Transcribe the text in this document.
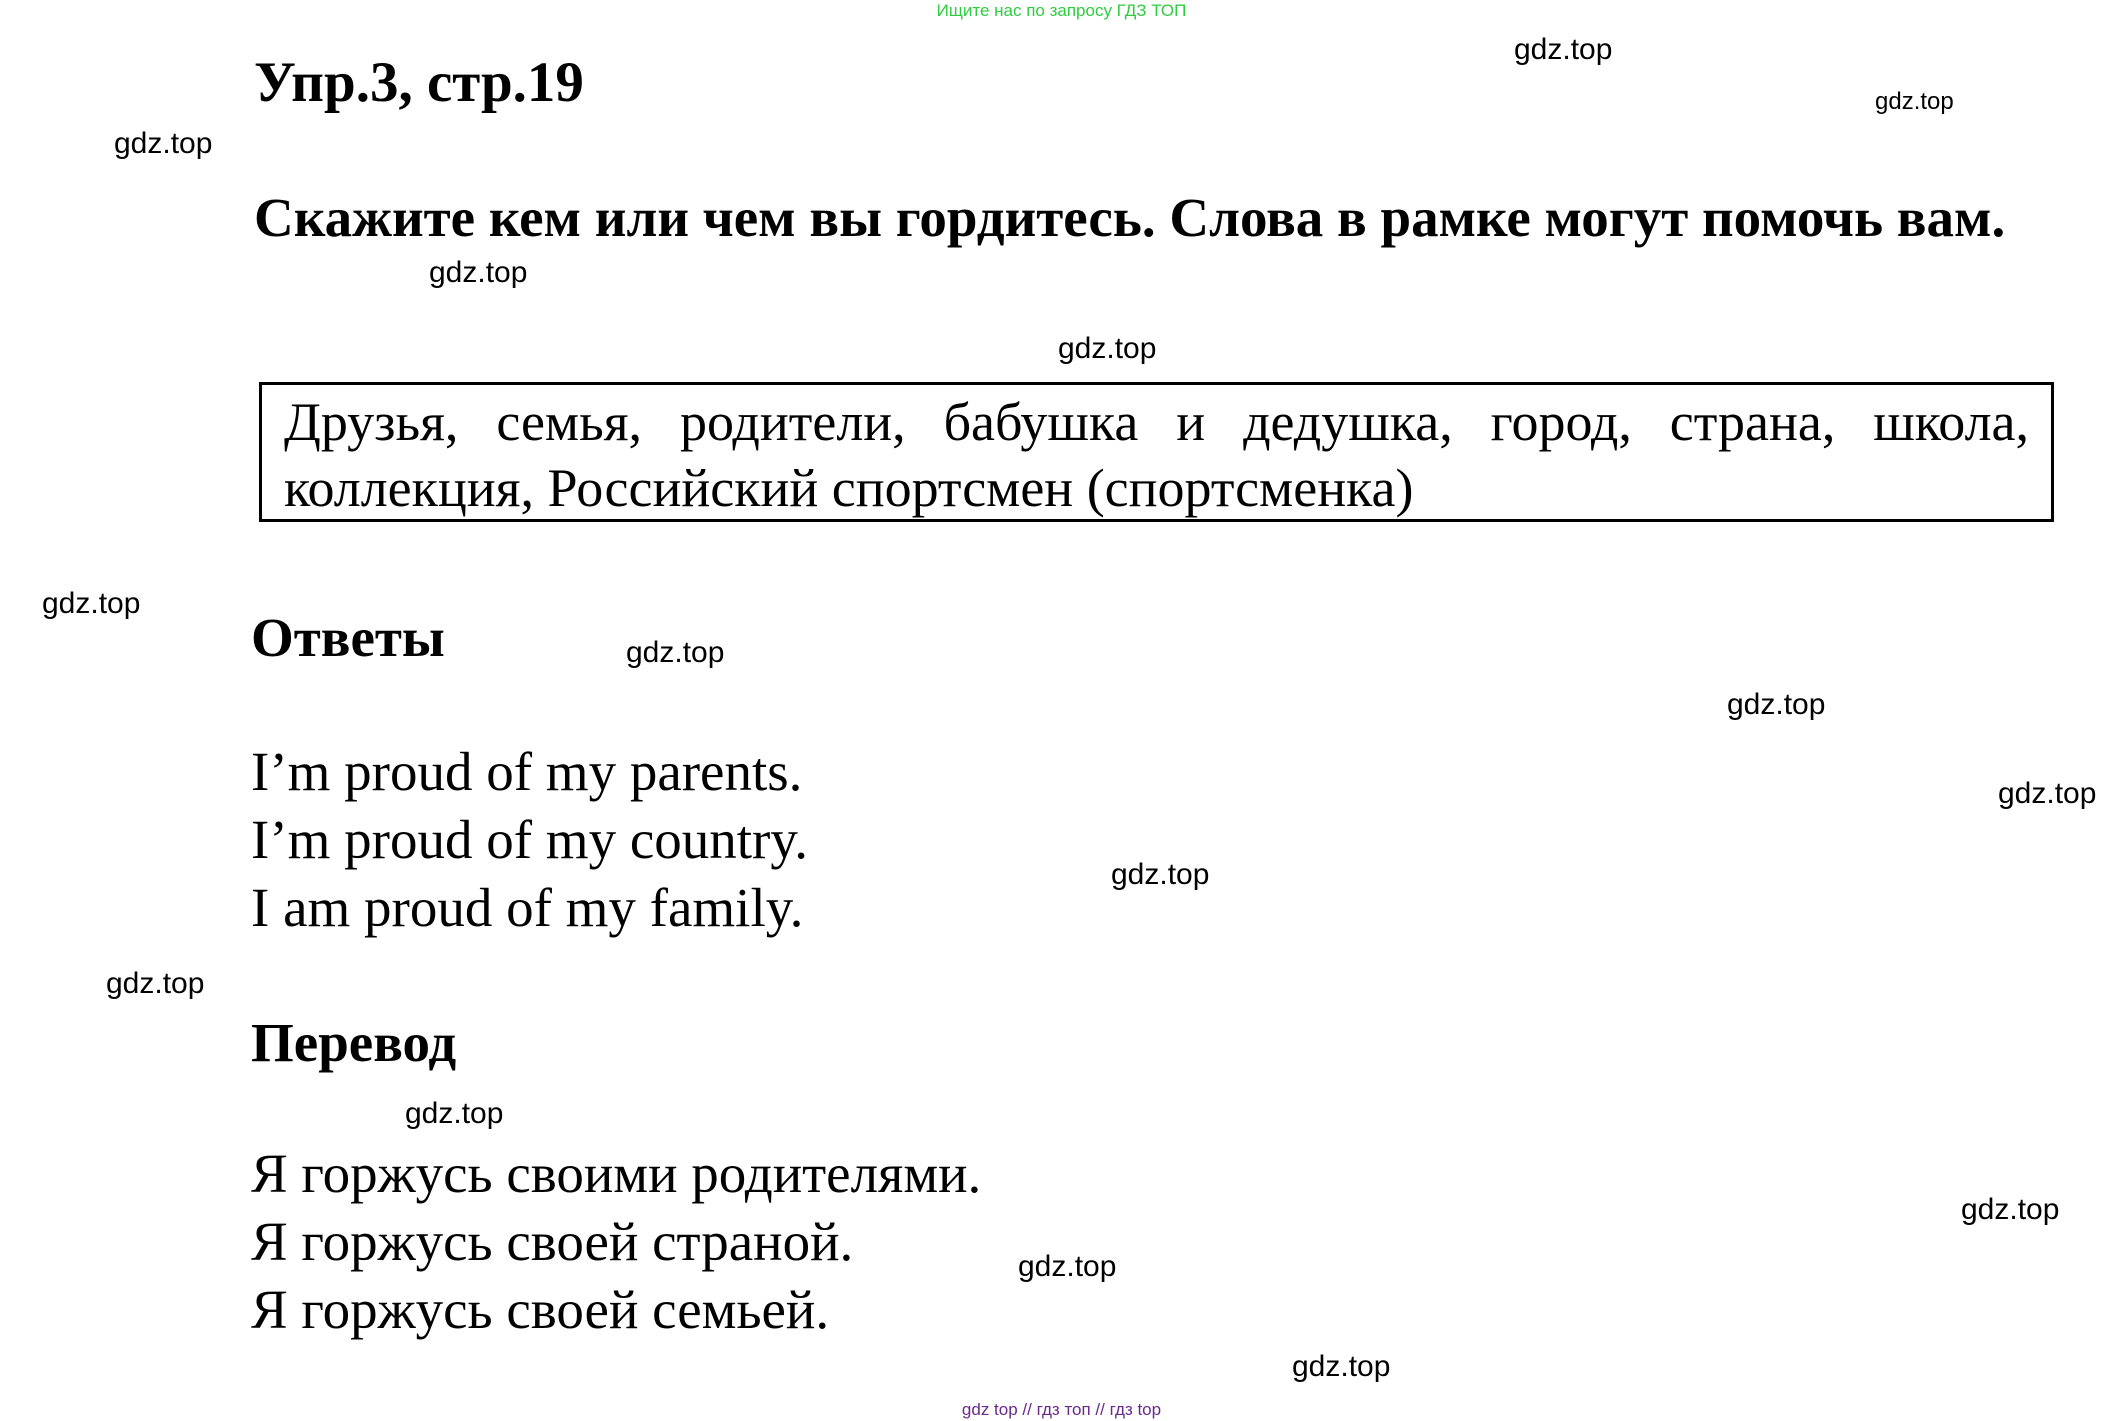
Ищите нас по запросу ГДЗ ТОП
Упр.3, стр.19
Скажите кем или чем вы гордитесь. Слова в рамке могут помочь вам.
Друзья, семья, родители, бабушка и дедушка, город, страна, школа, коллекция, Российский спортсмен (спортсменка)
Ответы
I’m proud of my parents.
I’m proud of my country.
I am proud of my family.
Перевод
Я горжусь своими родителями.
Я горжусь своей страной.
Я горжусь своей семьей.
gdz.top
gdz.top
gdz.top
gdz.top
gdz.top
gdz.top
gdz.top
gdz.top
gdz.top
gdz.top
gdz.top
gdz.top
gdz.top
gdz.top
gdz.top
gdz top // гдз топ // гдз top
